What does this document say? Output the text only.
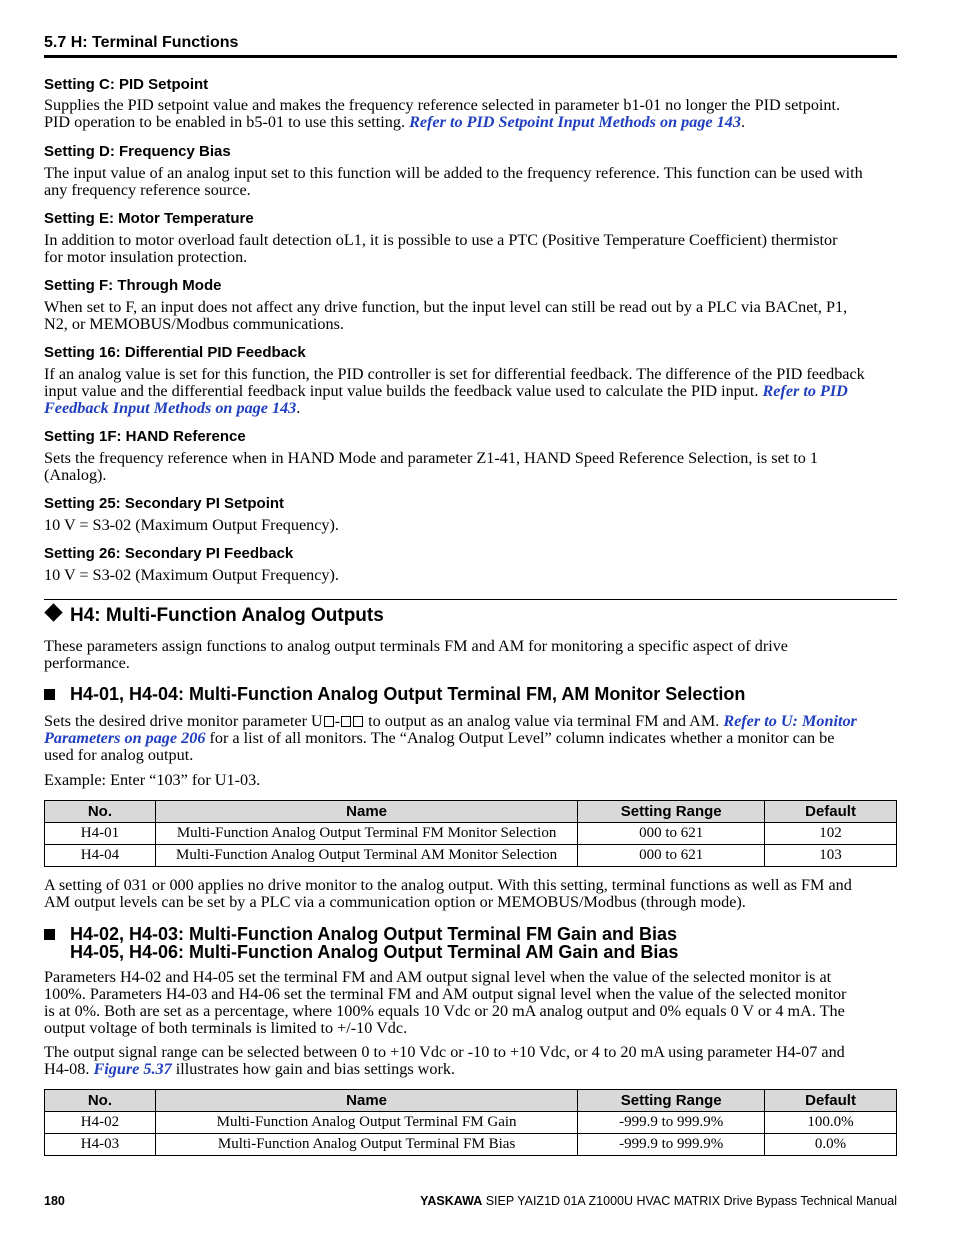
5.7 H: Terminal Functions
Setting C: PID Setpoint
Supplies the PID setpoint value and makes the frequency reference selected in parameter b1-01 no longer the PID setpoint.
PID operation to be enabled in b5-01 to use this setting. Refer to PID Setpoint Input Methods on page 143.
Setting D: Frequency Bias
The input value of an analog input set to this function will be added to the frequency reference. This function can be used with
any frequency reference source.
Setting E: Motor Temperature
In addition to motor overload fault detection oL1, it is possible to use a PTC (Positive Temperature Coefficient) thermistor
for motor insulation protection.
Setting F: Through Mode
When set to F, an input does not affect any drive function, but the input level can still be read out by a PLC via BACnet, P1,
N2, or MEMOBUS/Modbus communications.
Setting 16: Differential PID Feedback
If an analog value is set for this function, the PID controller is set for differential feedback. The difference of the PID feedback
input value and the differential feedback input value builds the feedback value used to calculate the PID input. Refer to PID
Feedback Input Methods on page 143.
Setting 1F: HAND Reference
Sets the frequency reference when in HAND Mode and parameter Z1-41, HAND Speed Reference Selection, is set to 1
(Analog).
Setting 25: Secondary PI Setpoint
10 V = S3-02 (Maximum Output Frequency).
Setting 26: Secondary PI Feedback
10 V = S3-02 (Maximum Output Frequency).
H4: Multi-Function Analog Outputs
These parameters assign functions to analog output terminals FM and AM for monitoring a specific aspect of drive
performance.
H4-01, H4-04: Multi-Function Analog Output Terminal FM, AM Monitor Selection
Sets the desired drive monitor parameter U - to output as an analog value via terminal FM and AM. Refer to U: Monitor
Parameters on page 206 for a list of all monitors. The “Analog Output Level” column indicates whether a monitor can be
used for analog output.
Example: Enter “103” for U1-03.
No.	Name	Setting Range	Default
H4-01	Multi-Function Analog Output Terminal FM Monitor Selection	000 to 621	102
H4-04	Multi-Function Analog Output Terminal AM Monitor Selection	000 to 621	103
A setting of 031 or 000 applies no drive monitor to the analog output. With this setting, terminal functions as well as FM and
AM output levels can be set by a PLC via a communication option or MEMOBUS/Modbus (through mode).
H4-02, H4-03: Multi-Function Analog Output Terminal FM Gain and Bias
H4-05, H4-06: Multi-Function Analog Output Terminal AM Gain and Bias
Parameters H4-02 and H4-05 set the terminal FM and AM output signal level when the value of the selected monitor is at
100%. Parameters H4-03 and H4-06 set the terminal FM and AM output signal level when the value of the selected monitor
is at 0%. Both are set as a percentage, where 100% equals 10 Vdc or 20 mA analog output and 0% equals 0 V or 4 mA. The
output voltage of both terminals is limited to +/-10 Vdc.
The output signal range can be selected between 0 to +10 Vdc or -10 to +10 Vdc, or 4 to 20 mA using parameter H4-07 and
H4-08. Figure 5.37 illustrates how gain and bias settings work.
No.	Name	Setting Range	Default
H4-02	Multi-Function Analog Output Terminal FM Gain	-999.9 to 999.9%	100.0%
H4-03	Multi-Function Analog Output Terminal FM Bias	-999.9 to 999.9%	0.0%
180	YASKAWA SIEP YAIZ1D 01A Z1000U HVAC MATRIX Drive Bypass Technical Manual
